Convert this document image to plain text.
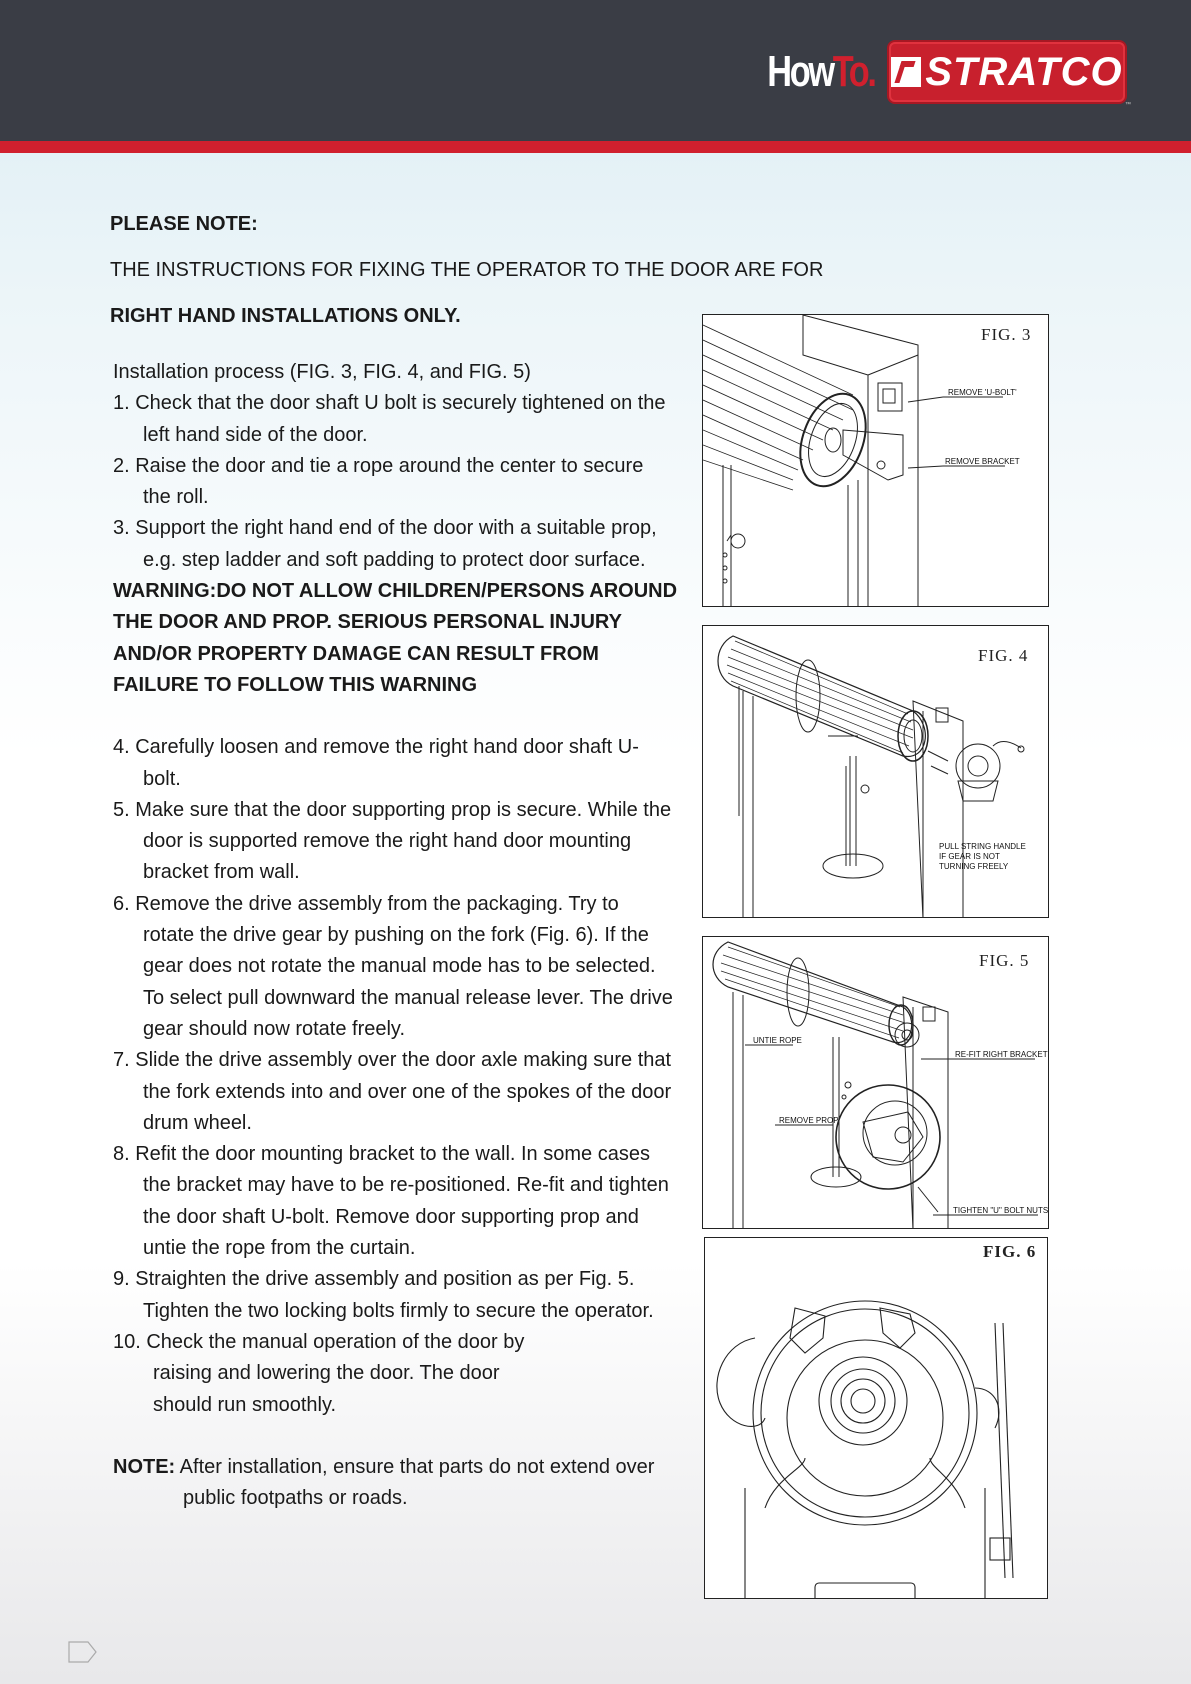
HowTo. STRATCO
™
PLEASE NOTE:
THE INSTRUCTIONS FOR FIXING THE OPERATOR TO THE DOOR ARE FOR
RIGHT HAND INSTALLATIONS ONLY.
Installation process (FIG. 3, FIG. 4, and FIG. 5)
1. Check that the door shaft U bolt is securely tightened on the left hand side of the door.
2. Raise the door and tie a rope around the center to secure the roll.
3. Support the right hand end of the door with a suitable prop, e.g. step ladder and soft padding to protect door surface.
WARNING:DO NOT ALLOW CHILDREN/PERSONS AROUND THE DOOR AND PROP. SERIOUS PERSONAL INJURY AND/OR PROPERTY DAMAGE CAN RESULT FROM FAILURE TO FOLLOW THIS WARNING
4. Carefully loosen and remove the right hand door shaft U-bolt.
5. Make sure that the door supporting prop is secure. While the door is supported remove the right hand door mounting bracket from wall.
6. Remove the drive assembly from the packaging. Try to rotate the drive gear by pushing on the fork (Fig. 6). If the gear does not rotate the manual mode has to be selected. To select pull downward the manual release lever. The drive gear should now rotate freely.
7. Slide the drive assembly over the door axle making sure that the fork extends into and over one of the spokes of the door drum wheel.
8. Refit the door mounting bracket to the wall. In some cases the bracket may have to be re-positioned. Re-fit and tighten the door shaft U-bolt. Remove door supporting prop and untie the rope from the curtain.
9. Straighten the drive assembly and position as per Fig. 5. Tighten the two locking bolts firmly to secure the operator.
10. Check the manual operation of the door by raising and lowering the door. The door should run smoothly.
NOTE: After installation, ensure that parts do not extend over public footpaths or roads.
REMOVE 'U-BOLT'
REMOVE BRACKET
FIG. 3
PULL STRING HANDLE
IF GEAR IS NOT
TURNING FREELY
FIG. 4
UNTIE ROPE
RE-FIT RIGHT BRACKET
REMOVE PROP
TIGHTEN "U" BOLT NUTS
FIG. 5
FIG. 6
